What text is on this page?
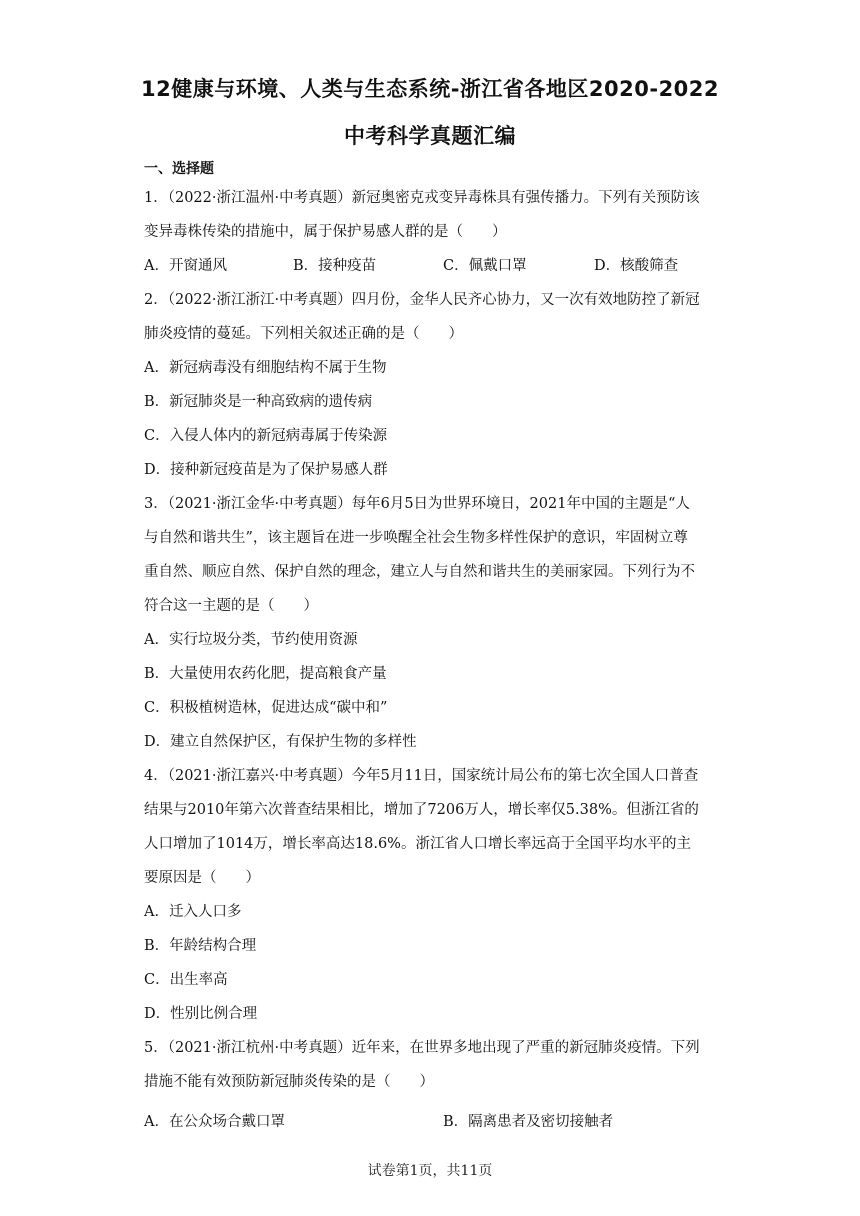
12健康与环境、人类与生态系统-浙江省各地区2020-2022
中考科学真题汇编
一、选择题
1．（2022·浙江温州·中考真题）新冠奥密克戎变异毒株具有强传播力。下列有关预防该
变异毒株传染的措施中，属于保护易感人群的是（　　）
A．开窗通风	B．接种疫苗	C．佩戴口罩	D．核酸筛查
2．（2022·浙江浙江·中考真题）四月份，金华人民齐心协力，又一次有效地防控了新冠
肺炎疫情的蔓延。下列相关叙述正确的是（　　）
A．新冠病毒没有细胞结构不属于生物
B．新冠肺炎是一种高致病的遗传病
C．入侵人体内的新冠病毒属于传染源
D．接种新冠疫苗是为了保护易感人群
3．（2021·浙江金华·中考真题）每年6月5日为世界环境日，2021年中国的主题是“人
与自然和谐共生”，该主题旨在进一步唤醒全社会生物多样性保护的意识，牢固树立尊
重自然、顺应自然、保护自然的理念，建立人与自然和谐共生的美丽家园。下列行为不
符合这一主题的是（　　）
A．实行垃圾分类，节约使用资源
B．大量使用农药化肥，提高粮食产量
C．积极植树造林，促进达成“碳中和”
D．建立自然保护区，有保护生物的多样性
4．（2021·浙江嘉兴·中考真题）今年5月11日，国家统计局公布的第七次全国人口普查
结果与2010年第六次普查结果相比，增加了7206万人，增长率仅5.38%。但浙江省的
人口增加了1014万，增长率高达18.6%。浙江省人口增长率远高于全国平均水平的主
要原因是（　　）
A．迁入人口多
B．年龄结构合理
C．出生率高
D．性别比例合理
5．（2021·浙江杭州·中考真题）近年来，在世界多地出现了严重的新冠肺炎疫情。下列
措施不能有效预防新冠肺炎传染的是（　　）
A．在公众场合戴口罩	B．隔离患者及密切接触者
试卷第1页，共11页
